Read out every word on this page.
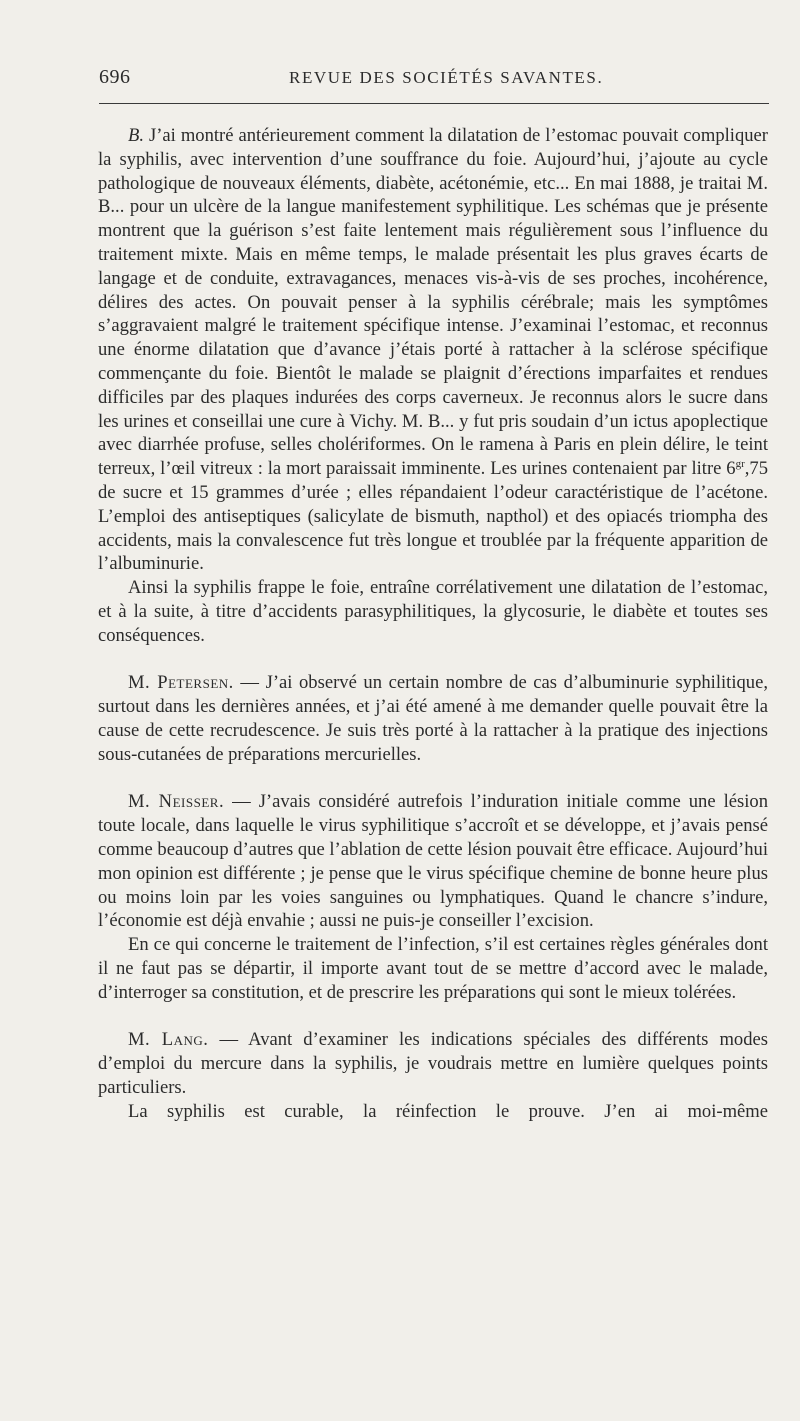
696	REVUE DES SOCIÉTÉS SAVANTES.

B. J’ai montré antérieurement comment la dilatation de l’estomac pouvait compliquer la syphilis, avec intervention d’une souffrance du foie. Aujourd’hui, j’ajoute au cycle pathologique de nouveaux éléments, diabète, acétonémie, etc... En mai 1888, je traitai M. B... pour un ulcère de la langue manifestement syphilitique. Les schémas que je présente montrent que la guérison s’est faite lentement mais régulièrement sous l’influence du traitement mixte. Mais en même temps, le malade présentait les plus graves écarts de langage et de conduite, extravagances, menaces vis-à-vis de ses proches, incohérence, délires des actes. On pouvait penser à la syphilis cérébrale; mais les symptômes s’aggravaient malgré le traitement spécifique intense. J’examinai l’estomac, et reconnus une énorme dilatation que d’avance j’étais porté à rattacher à la sclérose spécifique commençante du foie. Bientôt le malade se plaignit d’érections imparfaites et rendues difficiles par des plaques indurées des corps caverneux. Je reconnus alors le sucre dans les urines et conseillai une cure à Vichy. M. B... y fut pris soudain d’un ictus apoplectique avec diarrhée profuse, selles cholériformes. On le ramena à Paris en plein délire, le teint terreux, l’œil vitreux : la mort paraissait imminente. Les urines contenaient par litre $6^{gr},75$ de sucre et 15 grammes d’urée ; elles répandaient l’odeur caractéristique de l’acétone. L’emploi des antiseptiques (salicylate de bismuth, napthol) et des opiacés triompha des accidents, mais la convalescence fut très longue et troublée par la fréquente apparition de l’albuminurie.

Ainsi la syphilis frappe le foie, entraîne corrélativement une dilatation de l’estomac, et à la suite, à titre d’accidents parasyphilitiques, la glycosurie, le diabète et toutes ses conséquences.

M. Petersen. — J’ai observé un certain nombre de cas d’albuminurie syphilitique, surtout dans les dernières années, et j’ai été amené à me demander quelle pouvait être la cause de cette recrudescence. Je suis très porté à la rattacher à la pratique des injections sous-cutanées de préparations mercurielles.

M. Neisser. — J’avais considéré autrefois l’induration initiale comme une lésion toute locale, dans laquelle le virus syphilitique s’accroît et se développe, et j’avais pensé comme beaucoup d’autres que l’ablation de cette lésion pouvait être efficace. Aujourd’hui mon opinion est différente ; je pense que le virus spécifique chemine de bonne heure plus ou moins loin par les voies sanguines ou lymphatiques. Quand le chancre s’indure, l’économie est déjà envahie ; aussi ne puis-je conseiller l’excision.

En ce qui concerne le traitement de l’infection, s’il est certaines règles générales dont il ne faut pas se départir, il importe avant tout de se mettre d’accord avec le malade, d’interroger sa constitution, et de prescrire les préparations qui sont le mieux tolérées.

M. Lang. — Avant d’examiner les indications spéciales des différents modes d’emploi du mercure dans la syphilis, je voudrais mettre en lumière quelques points particuliers.

La syphilis est curable, la réinfection le prouve. J’en ai moi-même
